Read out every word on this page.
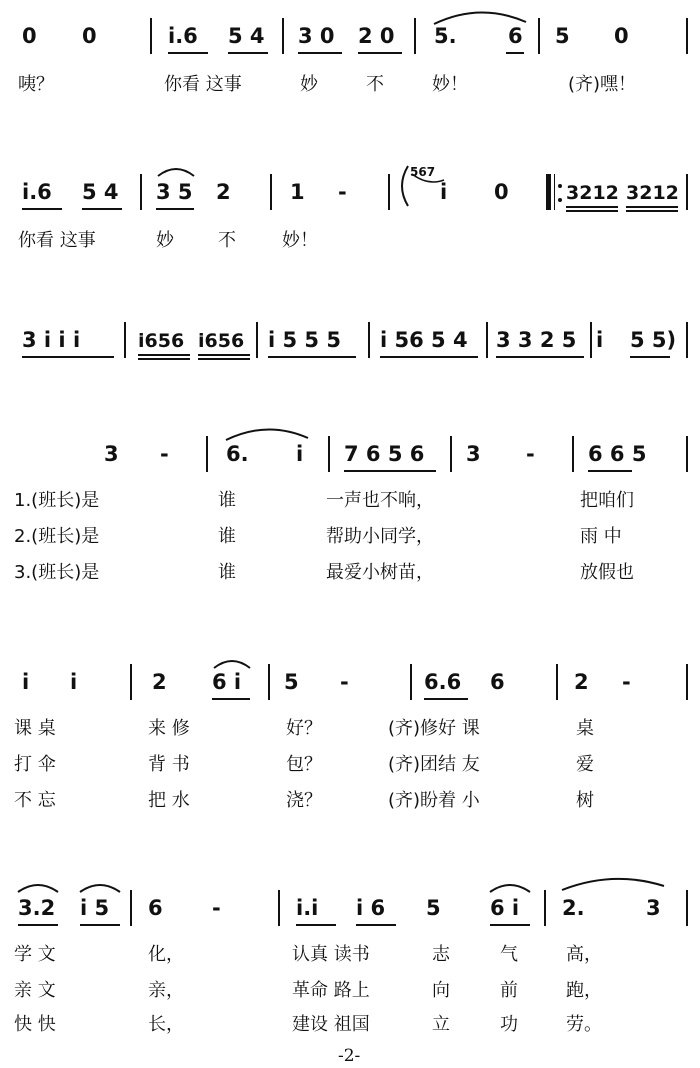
0 0	i.6 5 4 3 0 2 0 5. 6 5 0
咦？	你看 这事	妙	不	妙！	(齐)嘿！
i.6 5 4 3 5 2	1 -
567
i 0	3212 3212
你看 这事	妙 不	妙！
3 i i i	i656 i656 i 5 5 5 i 56 5 4 3 3 2 5 i 5 5)
3 -	6. i 7 6 5 6 3 -	6 6 5
1.(班长)是	谁	一声也不响，	把咱们
2.(班长)是	谁	帮助小同学，	雨 中
3.(班长)是	谁	最爱小树苗，	放假也
i i	2 6 i 5 -	6.6 6	2 -
课 桌	来 修	好？	(齐)修好 课	桌
打 伞	背 书	包？	(齐)团结 友	爱
不 忘	把 水	浇？	(齐)盼着 小	树
3.2 i 5 6 -	i.i i 6 5 6 i 2.	3
学 文	化，	认真 读书	志	气	高，
亲 文	亲，	革命 路上	向	前	跑，
快 快	长，	建设 祖国	立	功	劳。
-2-
